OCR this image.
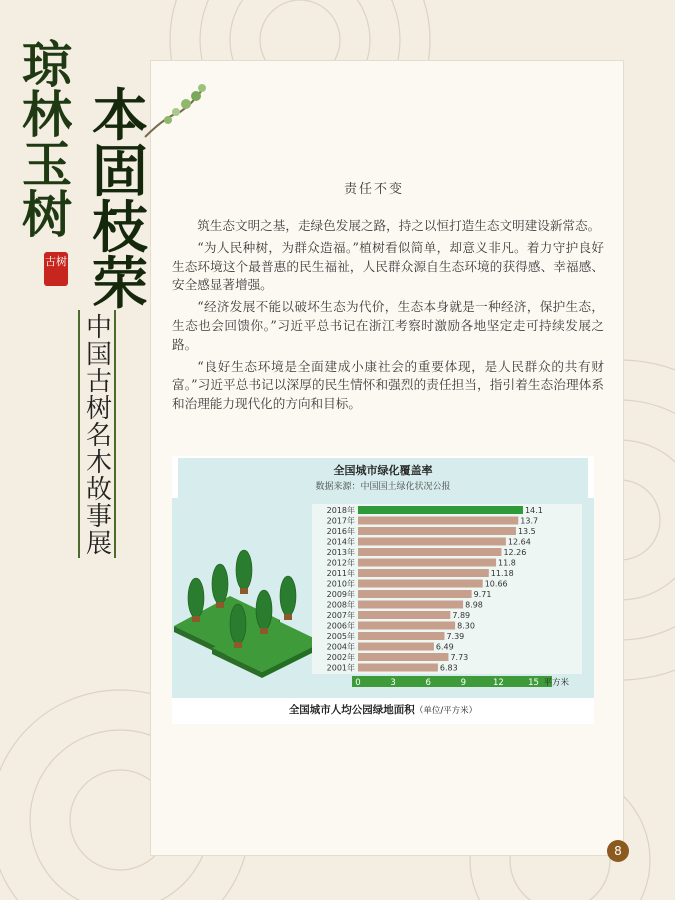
琼林玉树
本固枝荣
古树
中国古树名木故事展
责任不变

筑生态文明之基，走绿色发展之路，持之以恒打造生态文明建设新常态。

“为人民种树，为群众造福。”植树看似简单，却意义非凡。着力守护良好生态环境这个最普惠的民生福祉，人民群众源自生态环境的获得感、幸福感、安全感显著增强。

“经济发展不能以破坏生态为代价，生态本身就是一种经济，保护生态，生态也会回馈你。”习近平总书记在浙江考察时激励各地坚定走可持续发展之路。

“良好生态环境是全面建成小康社会的重要体现，是人民群众的共有财富。”习近平总书记以深厚的民生情怀和强烈的责任担当，指引着生态治理体系和治理能力现代化的方向和目标。

全国城市绿化覆盖率
数据来源：中国国土绿化状况公报
2018年	14.1
2017年	13.7
2016年	13.5
2014年	12.64
2013年	12.26
2012年	11.8
2011年	11.18
2010年	10.66
2009年	9.71
2008年	8.98
2007年	7.89
2006年	8.30
2005年	7.39
2004年	6.49
2002年	7.73
2001年	6.83
0	3	6	9	12	15 平方米
全国城市人均公园绿地面积（单位/平方米）
8
